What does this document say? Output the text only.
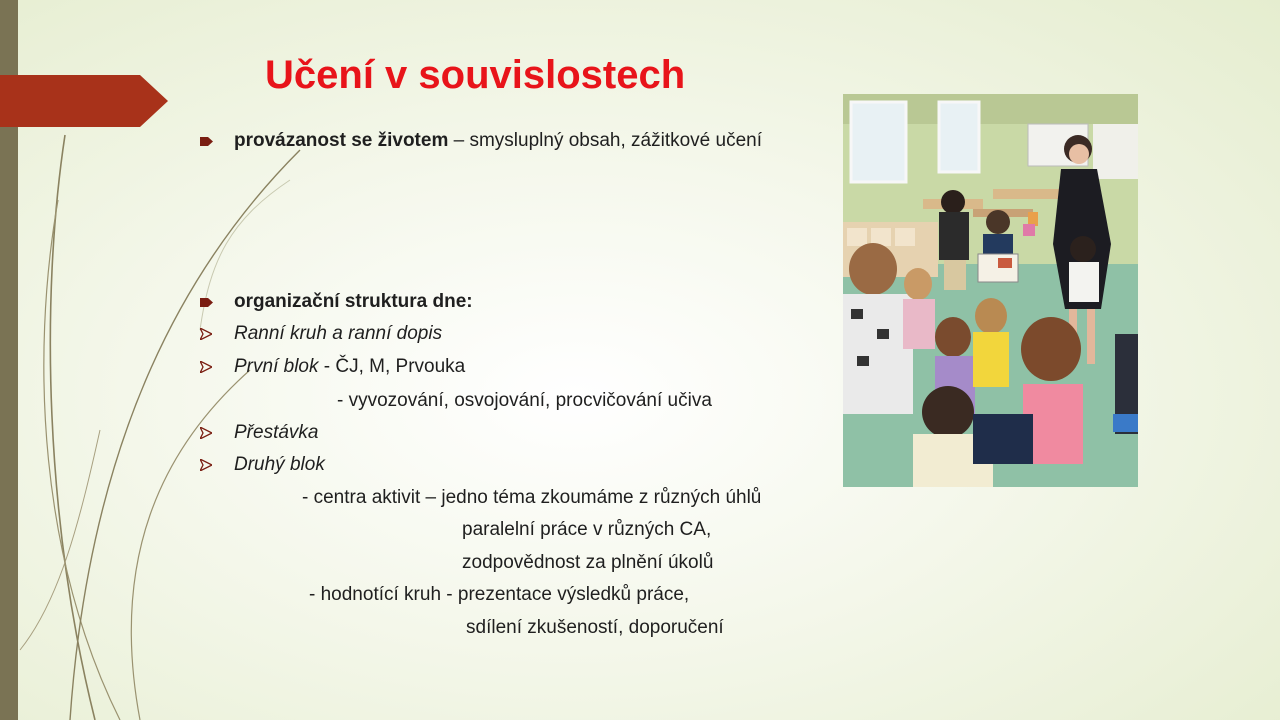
Učení v souvislostech
provázanost se životem – smysluplný obsah, zážitkové učení
organizační struktura dne:
Ranní kruh a ranní dopis
První blok - ČJ, M, Prvouka
- vyvozování, osvojování, procvičování učiva
Přestávka
Druhý blok
- centra aktivit – jedno téma zkoumáme z různých úhlů
paralelní práce v různých CA,
zodpovědnost za plnění úkolů
- hodnotící kruh - prezentace výsledků práce,
sdílení zkušeností, doporučení
